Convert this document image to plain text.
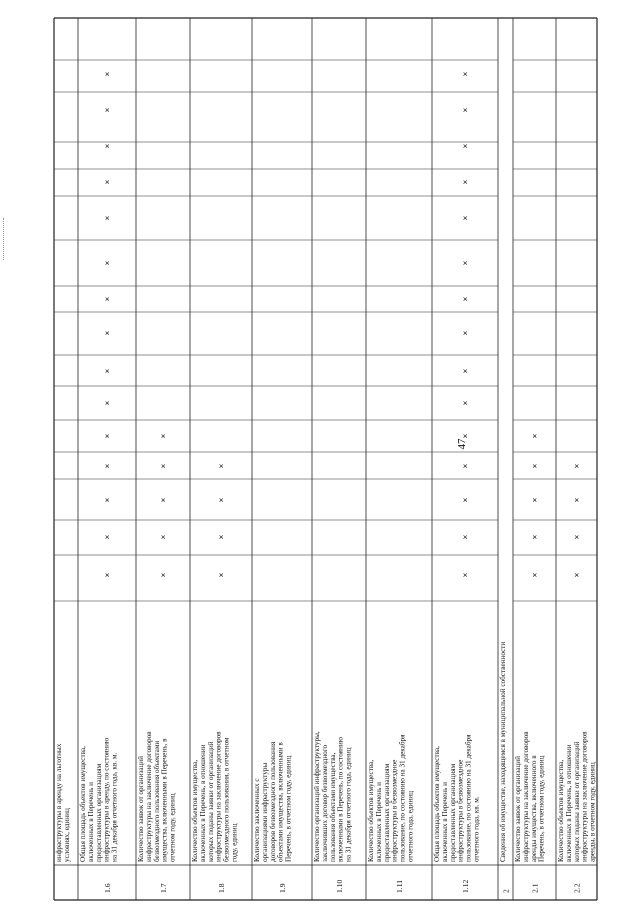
47
инфраструктуры в аренду на льготных условиях, единиц
1.6
Общая площадь объектов имущества, включенных в Перечень и предоставленных организациям инфраструктуры в аренду, по состоянию на 31 декабря отчетного года, кв. м.
×
×
×
×
×
×
×
×
×
×
×
×
×
×
×
1.7
Количество заявок от организаций инфраструктуры на заключение договоров безвозмездного пользования объектами имущества, включенными в Перечень, в отчетном году, единиц
×
×
×
×
×
1.8
Количество объектов имущества, включенных в Перечень, в отношении которых поданы заявки от организаций инфраструктуры на заключение договоров безвозмездного пользования, в отчетном году, единиц
×
×
×
×
1.9
Количество заключенных с организациями инфраструктуры договоров безвозмездного пользования объектами имущества, включенными в Перечень, в отчетном году, единиц
1.10
Количество организаций инфраструктуры, заключивших договор безвозмездного пользования объектами имущества, включенными в Перечень, по состоянию на 31 декабря отчетного года, единиц
1.11
Количество объектов имущества, включенных в Перечень и предоставленных организациям инфраструктуры в безвозмездное пользование, по состоянию на 31 декабря отчетного года, единиц
1.12
Общая площадь объектов имущества, включенных в Перечень и предоставленных организациям инфраструктуры в безвозмездное пользование, по состоянию на 31 декабря отчетного года, кв. м.
×
×
×
×
×
×
×
×
×
×
×
×
×
×
×
2
Сведения об имуществе, находящемся в муниципальной собственности
2.1
Количество заявок от организаций инфраструктуры на заключение договоров аренды имущества, включенного в Перечень, в отчетном году, единиц
×
×
×
×
×
2.2
Количество объектов имущества, включенных в Перечень, в отношении которых поданы заявки от организаций инфраструктуры на заключение договоров аренды, в отчетном году, единиц
×
×
×
×
